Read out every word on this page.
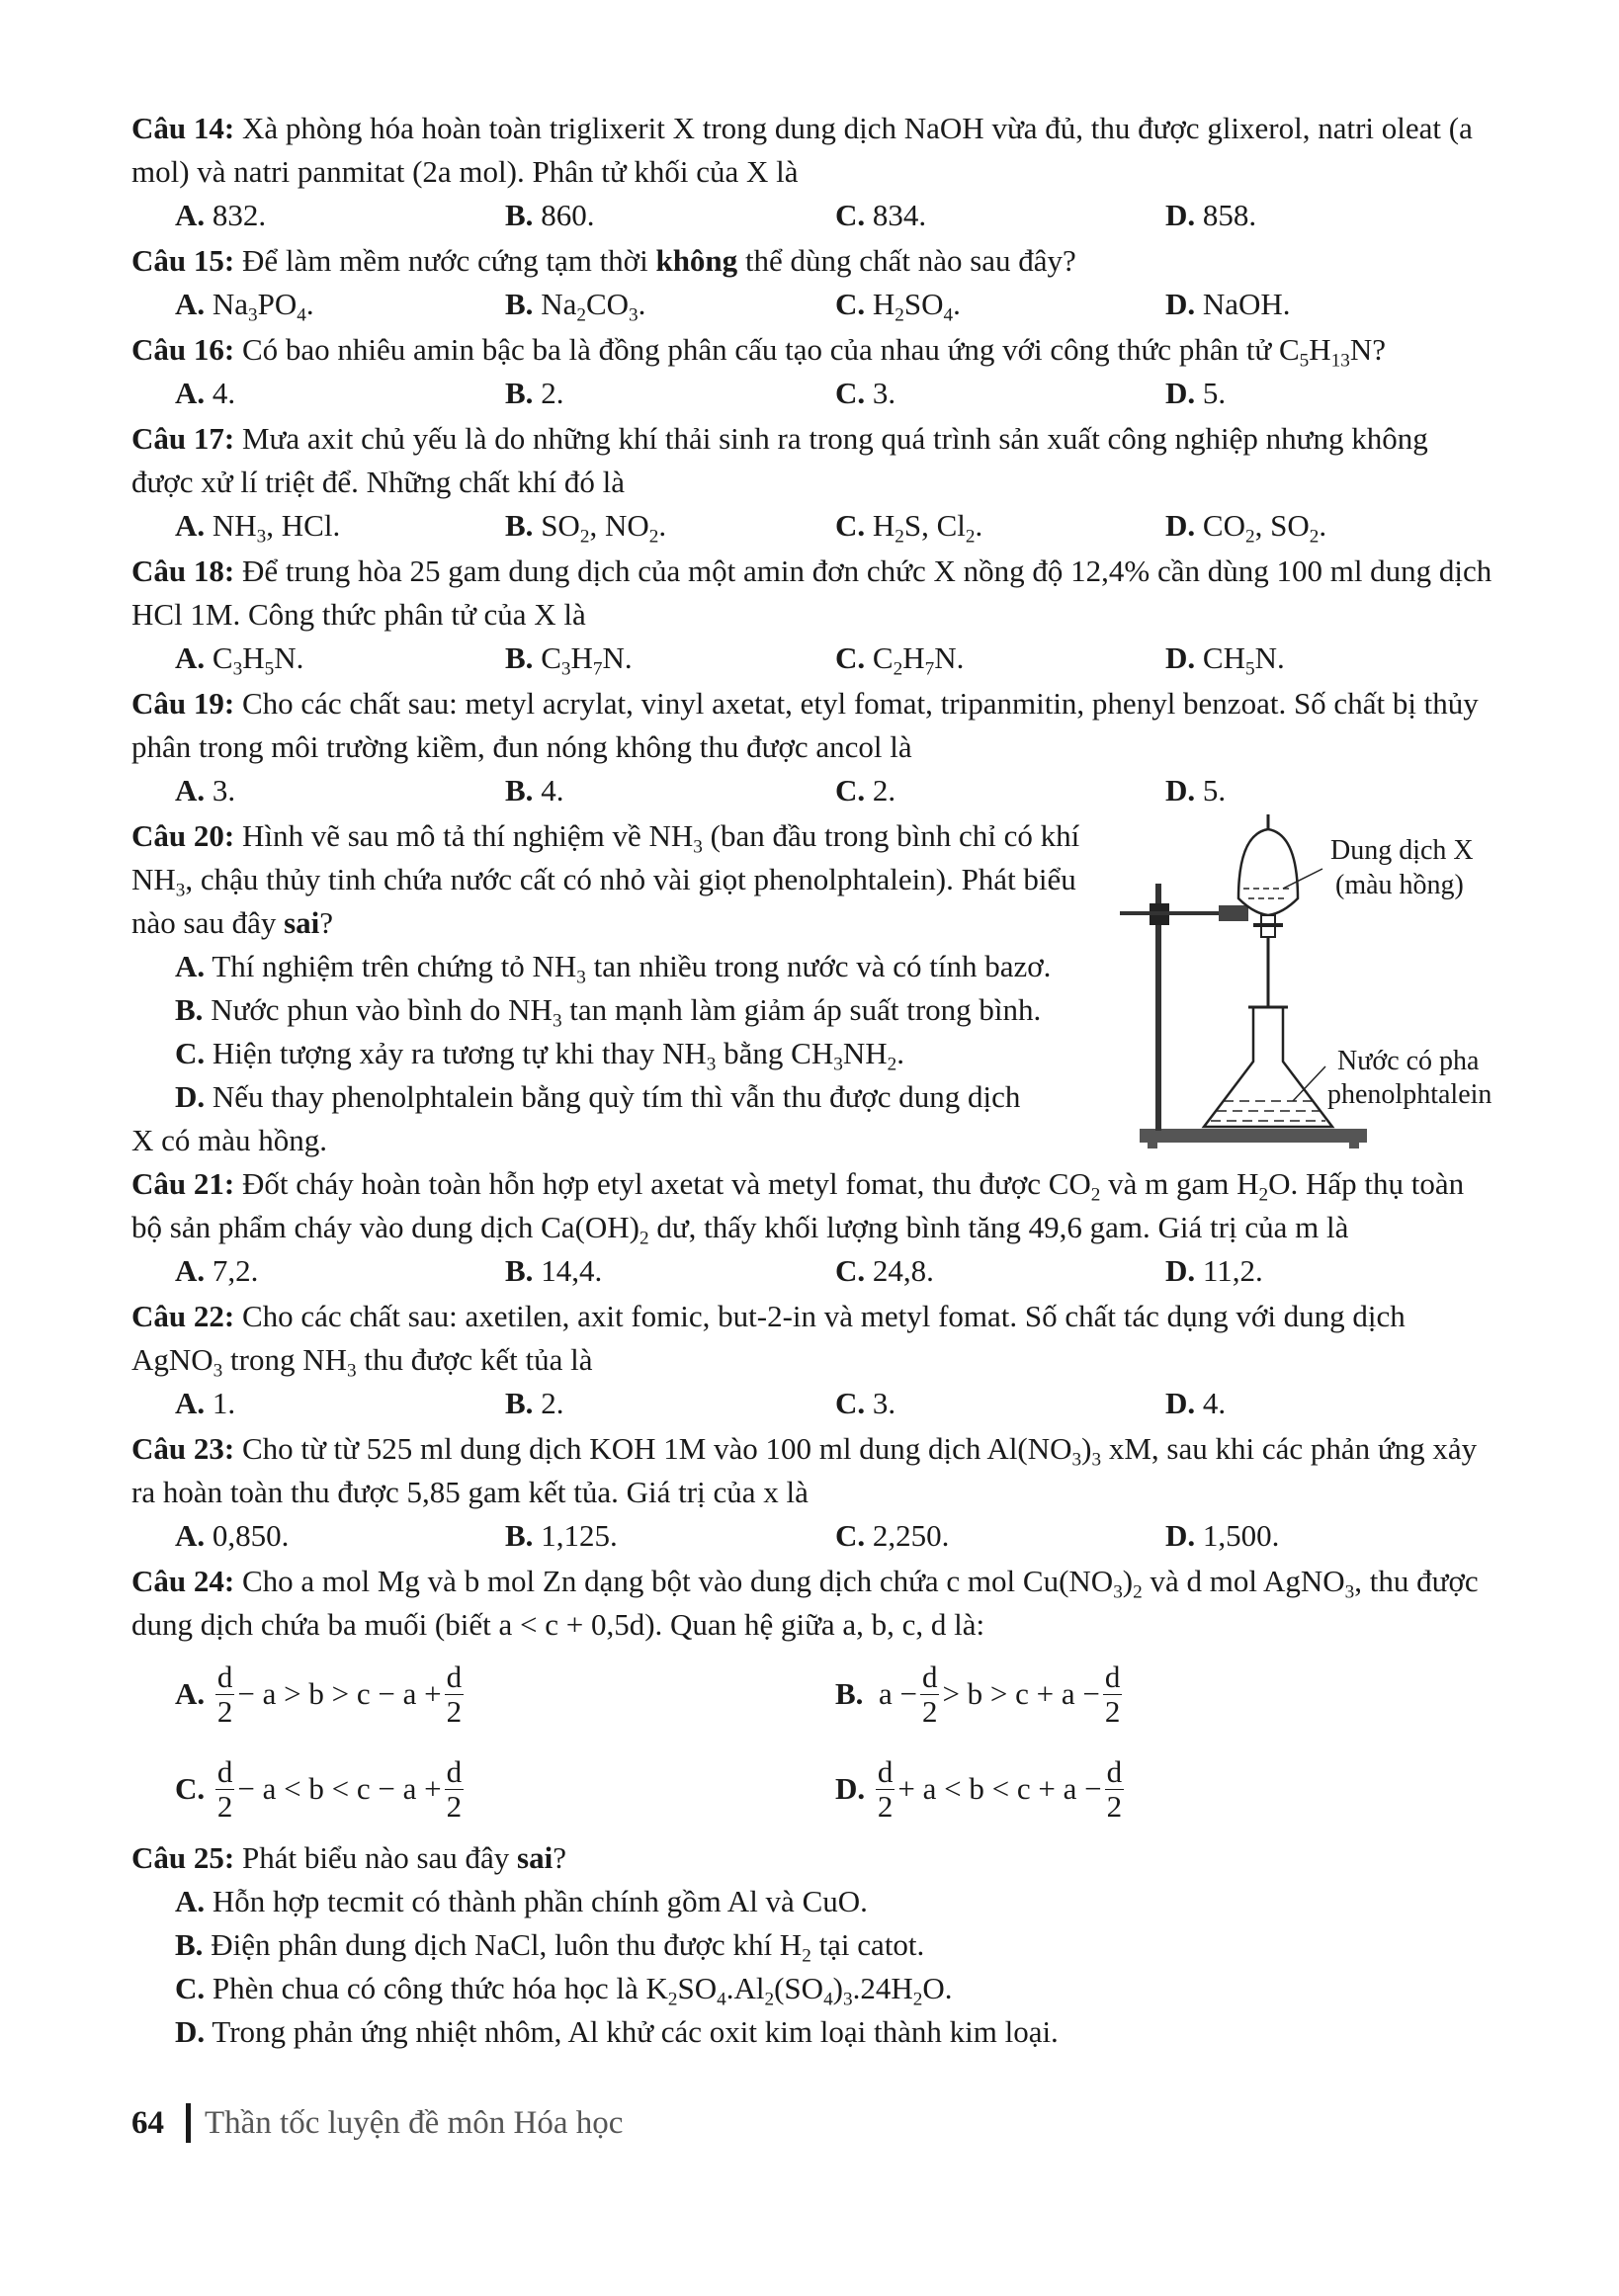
Câu 14: Xà phòng hóa hoàn toàn triglixerit X trong dung dịch NaOH vừa đủ, thu được glixerol, natri oleat (a mol) và natri panmitat (2a mol). Phân tử khối của X là

A. 832.	B. 860.	C. 834.	D. 858.

Câu 15: Để làm mềm nước cứng tạm thời không thể dùng chất nào sau đây?

A. $Na_3PO_4$.	B. $Na_2CO_3$.	C. $H_2SO_4$.	D. NaOH.

Câu 16: Có bao nhiêu amin bậc ba là đồng phân cấu tạo của nhau ứng với công thức phân tử $C_5H_{13}N$?

A. 4.	B. 2.	C. 3.	D. 5.

Câu 17: Mưa axit chủ yếu là do những khí thải sinh ra trong quá trình sản xuất công nghiệp nhưng không được xử lí triệt để. Những chất khí đó là

A. $NH_3$, HCl.	B. $SO_2$, $NO_2$.	C. $H_2S$, $Cl_2$.	D. $CO_2$, $SO_2$.

Câu 18: Để trung hòa 25 gam dung dịch của một amin đơn chức X nồng độ 12,4% cần dùng 100 ml dung dịch HCl 1M. Công thức phân tử của X là

A. $C_3H_5N$.	B. $C_3H_7N$.	C. $C_2H_7N$.	D. $CH_5N$.

Câu 19: Cho các chất sau: metyl acrylat, vinyl axetat, etyl fomat, tripanmitin, phenyl benzoat. Số chất bị thủy phân trong môi trường kiềm, đun nóng không thu được ancol là

A. 3.	B. 4.	C. 2.	D. 5.

Câu 20: Hình vẽ sau mô tả thí nghiệm về $NH_3$ (ban đầu trong bình chỉ có khí $NH_3$, chậu thủy tinh chứa nước cất có nhỏ vài giọt phenolphtalein). Phát biểu nào sau đây sai?

A. Thí nghiệm trên chứng tỏ $NH_3$ tan nhiều trong nước và có tính bazơ.
B. Nước phun vào bình do $NH_3$ tan mạnh làm giảm áp suất trong bình.
C. Hiện tượng xảy ra tương tự khi thay $NH_3$ bằng $CH_3NH_2$.
D. Nếu thay phenolphtalein bằng quỳ tím thì vẫn thu được dung dịch

X có màu hồng.

Dung dịch X
(màu hồng)
Nước có pha
phenolphtalein

Câu 21: Đốt cháy hoàn toàn hỗn hợp etyl axetat và metyl fomat, thu được $CO_2$ và m gam $H_2O$. Hấp thụ toàn bộ sản phẩm cháy vào dung dịch $Ca(OH)_2$ dư, thấy khối lượng bình tăng 49,6 gam. Giá trị của m là

A. 7,2.	B. 14,4.	C. 24,8.	D. 11,2.

Câu 22: Cho các chất sau: axetilen, axit fomic, but-2-in và metyl fomat. Số chất tác dụng với dung dịch AgNO$_3$ trong $NH_3$ thu được kết tủa là

A. 1.	B. 2.	C. 3.	D. 4.

Câu 23: Cho từ từ 525 ml dung dịch KOH 1M vào 100 ml dung dịch $Al(NO_3)_3$ xM, sau khi các phản ứng xảy ra hoàn toàn thu được 5,85 gam kết tủa. Giá trị của x là

A. 0,850.	B. 1,125.	C. 2,250.	D. 1,500.

Câu 24: Cho a mol Mg và b mol Zn dạng bột vào dung dịch chứa c mol $Cu(NO_3)_2$ và d mol AgNO$_3$, thu được dung dịch chứa ba muối (biết a < c + 0,5d). Quan hệ giữa a, b, c, d là:

A.
$\frac{d}{2} - a > b > c - a + \frac{d}{2}$	B. $a - \frac{d}{2} > b > c + a - \frac{d}{2}$
C.
$\frac{d}{2} - a < b < c - a + \frac{d}{2}$	D.
$\frac{d}{2} + a < b < c + a - \frac{d}{2}$

Câu 25: Phát biểu nào sau đây sai?

A. Hỗn hợp tecmit có thành phần chính gồm Al và CuO.
B. Điện phân dung dịch NaCl, luôn thu được khí $H_2$ tại catot.
C. Phèn chua có công thức hóa học là $K_2SO_4.Al_2(SO_4)_3.24H_2O$.
D. Trong phản ứng nhiệt nhôm, Al khử các oxit kim loại thành kim loại.
64 Thần tốc luyện đề môn Hóa học
